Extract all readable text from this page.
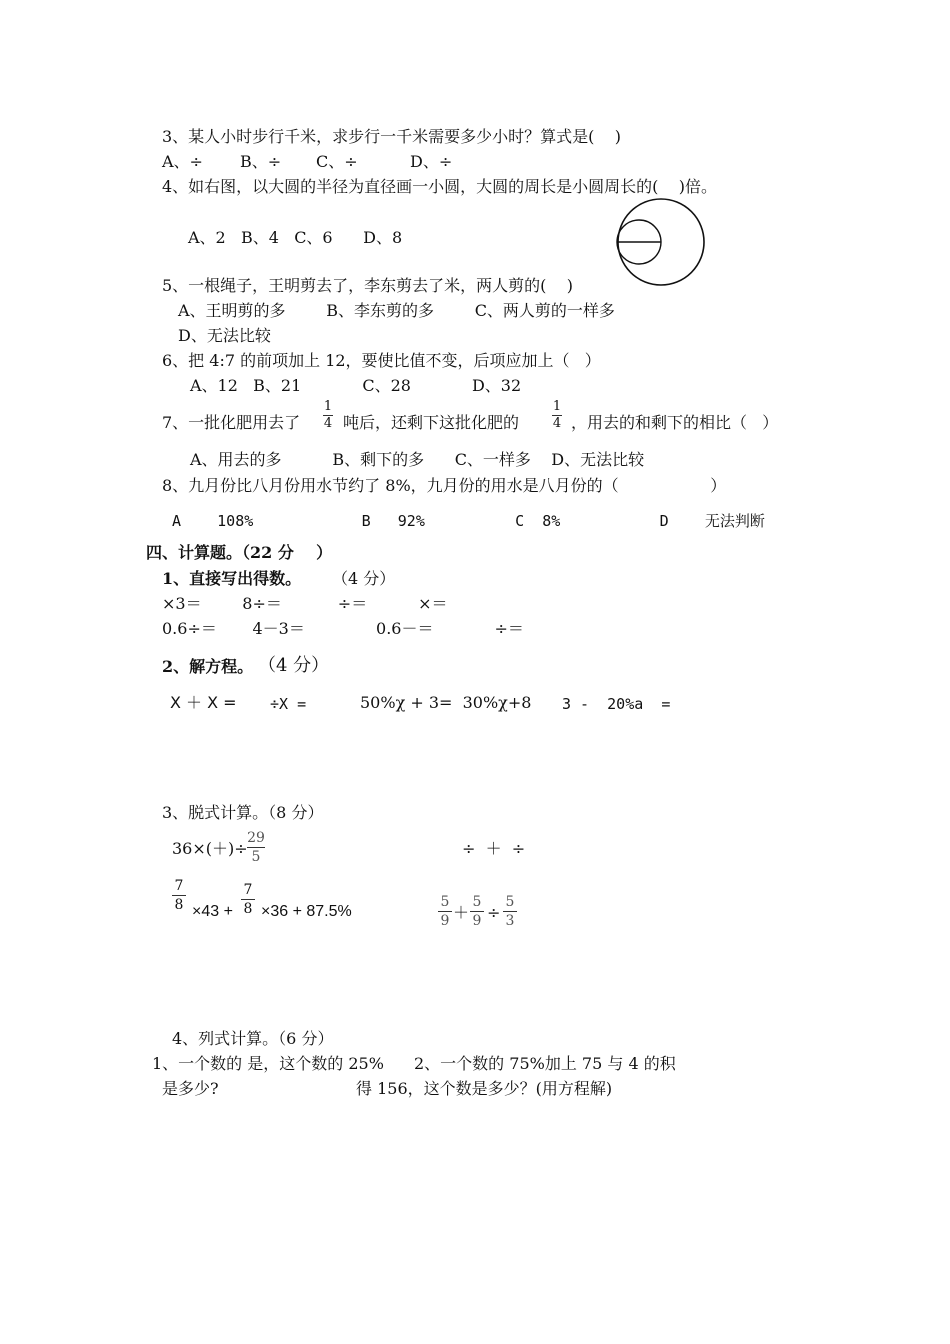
3、某人小时步行千米，求步行一千米需要多少小时？算式是(    )
A、÷ B、÷ C、÷	D、÷
4、如右图，以大圆的半径为直径画一小圆，大圆的周长是小圆周长的(    )倍。
A、2   B、4   C、6      D、8
5、一根绳子，王明剪去了，李东剪去了米，两人剪的(    )
A、王明剪的多        B、李东剪的多        C、两人剪的一样多
D、无法比较
6、把 4:7 的前项加上 12，要使比值不变，后项应加上（   ）
A、12   B、21            C、28            D、32
7、一批化肥用去了
1
4 吨后，还剩下这批化肥的
1
4 ，用去的和剩下的相比（   ）
A、用去的多          B、剩下的多      C、一样多    D、无法比较
8、九月份比八月份用水节约了 8%，九月份的用水是八月份的（                  ）
A    108%            B   92%          C  8%           D    无法判断
四、计算题。（22 分    ）
1、直接写出得数。 （4 分）
×3＝        8÷＝           ÷＝          ×＝
0.6÷＝       4－3＝              0.6－＝            ÷＝
2、解方程。 （4 分）
X ＋ X = ÷X =	50%χ + 3=  30%χ+8 3 -  20%a  =
3、脱式计算。（8 分）
36×(＋)÷
29
5	÷  ＋  ÷
7
8 ×43 +
7
8 ×36 + 87.5%
5
9 ＋
5
9 ÷
5
3
4、列式计算。（6 分）
1、一个数的 是，这个数的 25%
是多少?
2、一个数的 75%加上 75 与 4 的积
得 156，这个数是多少？(用方程解)
